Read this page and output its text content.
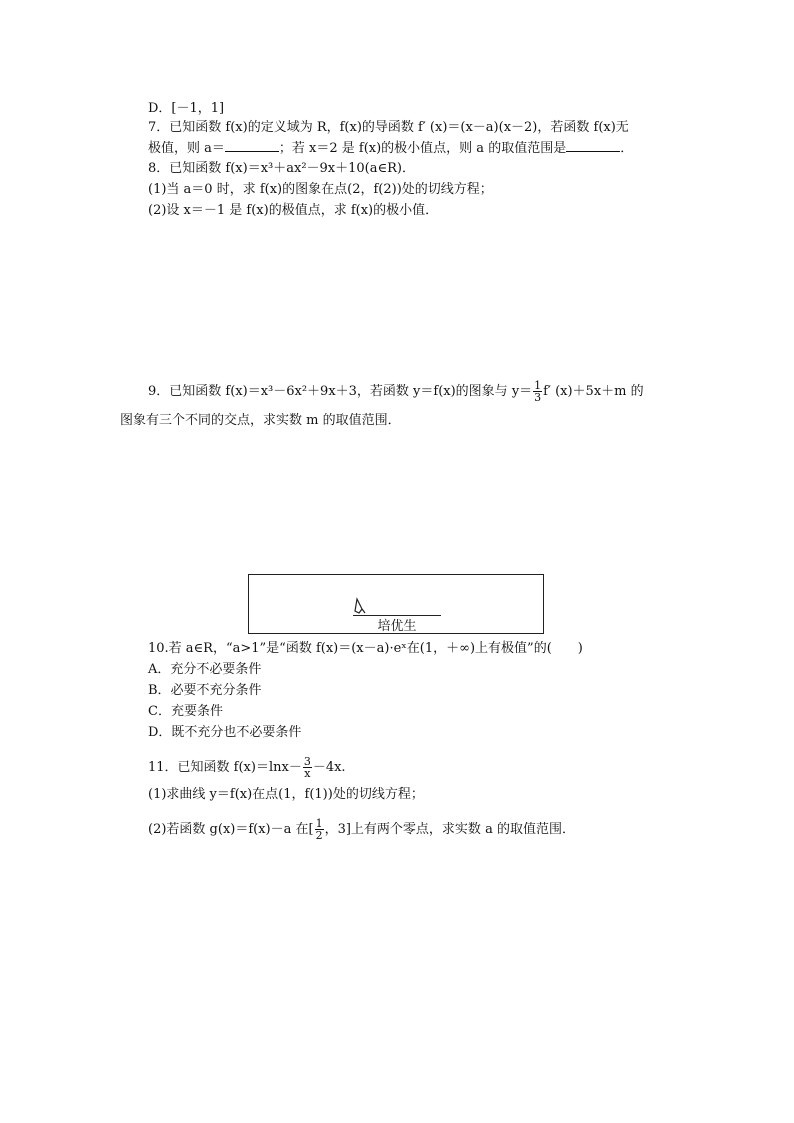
D．[－1，1]
7．已知函数 f(x)的定义域为 R，f(x)的导函数 f′ (x)＝(x－a)(x－2)，若函数 f(x)无
极值，则 a＝	；若 x＝2 是 f(x)的极小值点，则 a 的取值范围是	．
8．已知函数 f(x)＝x³＋ax²－9x＋10(a∈R)．
(1)当 a＝0 时，求 f(x)的图象在点(2，f(2))处的切线方程；
(2)设 x＝－1 是 f(x)的极值点，求 f(x)的极小值．
9．已知函数 f(x)＝x³－6x²＋9x＋3，若函数 y＝f(x)的图象与 $y= \frac{1}{3} f'$ (x)＋5x＋m 的
图象有三个不同的交点，求实数 m 的取值范围．
培优生
10.若 a∈R，“a>1”是“函数 f(x)＝(x－a)·eˣ在(1，＋∞)上有极值”的(　　)
A．充分不必要条件
B．必要不充分条件
C．充要条件
D．既不充分也不必要条件
11．已知函数 $f(x)=\ln x- \frac{3}{x} -4x$.
(1)求曲线 y＝f(x)在点(1，f(1))处的切线方程；
(2)若函数 g(x)＝f(x)－a 在[ $\frac{1}{2}$ ，3]上有两个零点，求实数 a 的取值范围．
